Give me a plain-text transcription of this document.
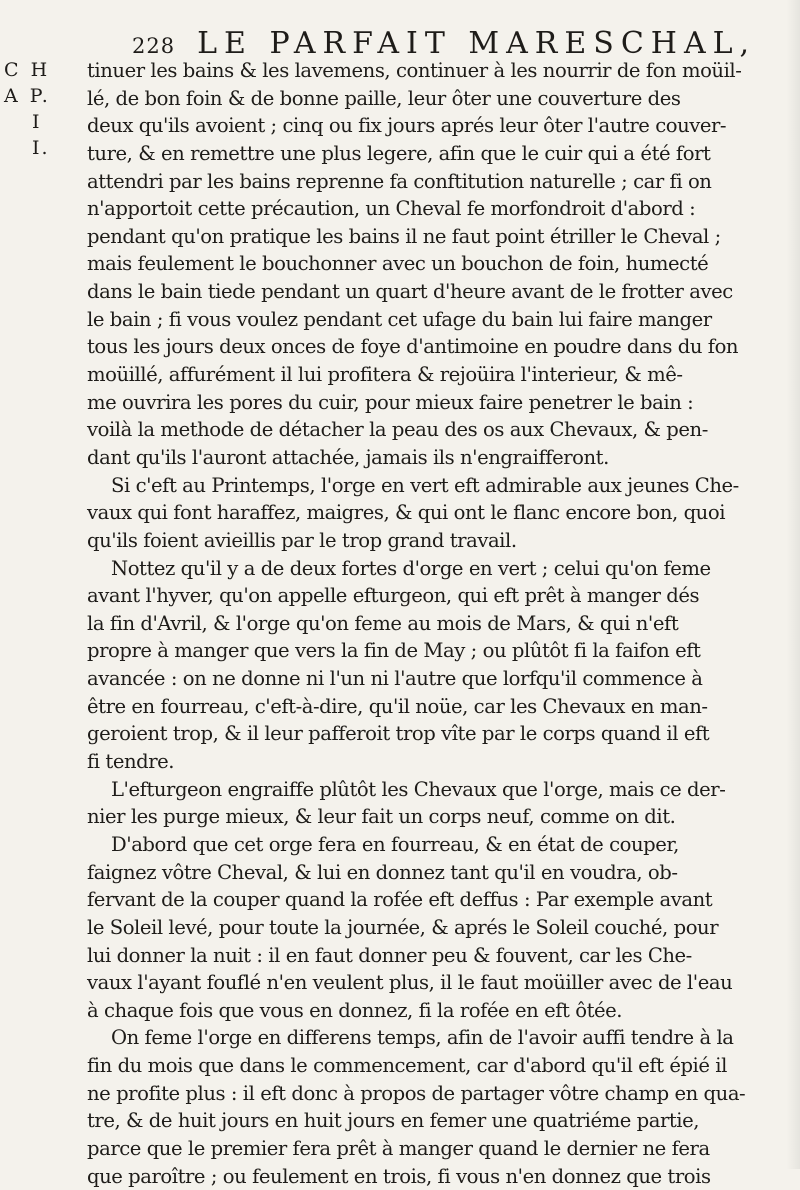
228 LE PARFAIT MARESCHAL,
C H A P.
I I.
tinuer les bains & les lavemens, continuer à les nourrir de fon moüil-
lé, de bon foin & de bonne paille, leur ôter une couverture des
deux qu'ils avoient ; cinq ou fix jours aprés leur ôter l'autre couver-
ture, & en remettre une plus legere, afin que le cuir qui a été fort
attendri par les bains reprenne fa conftitution naturelle ; car fi on
n'apportoit cette précaution, un Cheval fe morfondroit d'abord :
pendant qu'on pratique les bains il ne faut point étriller le Cheval ;
mais feulement le bouchonner avec un bouchon de foin, humecté
dans le bain tiede pendant un quart d'heure avant de le frotter avec
le bain ; fi vous voulez pendant cet ufage du bain lui faire manger
tous les jours deux onces de foye d'antimoine en poudre dans du fon
moüillé, affurément il lui profitera & rejoüira l'interieur, & mê-
me ouvrira les pores du cuir, pour mieux faire penetrer le bain :
voilà la methode de détacher la peau des os aux Chevaux, & pen-
dant qu'ils l'auront attachée, jamais ils n'engraifferont.
Si c'eft au Printemps, l'orge en vert eft admirable aux jeunes Che-
vaux qui font haraffez, maigres, & qui ont le flanc encore bon, quoi
qu'ils foient avieillis par le trop grand travail.
Nottez qu'il y a de deux fortes d'orge en vert ; celui qu'on feme
avant l'hyver, qu'on appelle efturgeon, qui eft prêt à manger dés
la fin d'Avril, & l'orge qu'on feme au mois de Mars, & qui n'eft
propre à manger que vers la fin de May ; ou plûtôt fi la faifon eft
avancée : on ne donne ni l'un ni l'autre que lorfqu'il commence à
être en fourreau, c'eft-à-dire, qu'il noüe, car les Chevaux en man-
geroient trop, & il leur pafferoit trop vîte par le corps quand il eft
fi tendre.
L'efturgeon engraiffe plûtôt les Chevaux que l'orge, mais ce der-
nier les purge mieux, & leur fait un corps neuf, comme on dit.
D'abord que cet orge fera en fourreau, & en état de couper,
faignez vôtre Cheval, & lui en donnez tant qu'il en voudra, ob-
fervant de la couper quand la rofée eft deffus : Par exemple avant
le Soleil levé, pour toute la journée, & aprés le Soleil couché, pour
lui donner la nuit : il en faut donner peu & fouvent, car les Che-
vaux l'ayant fouflé n'en veulent plus, il le faut moüiller avec de l'eau
à chaque fois que vous en donnez, fi la rofée en eft ôtée.
On feme l'orge en differens temps, afin de l'avoir auffi tendre à la
fin du mois que dans le commencement, car d'abord qu'il eft épié il
ne profite plus : il eft donc à propos de partager vôtre champ en qua-
tre, & de huit jours en huit jours en femer une quatriéme partie,
parce que le premier fera prêt à manger quand le dernier ne fera
que paroître ; ou feulement en trois, fi vous n'en donnez que trois
